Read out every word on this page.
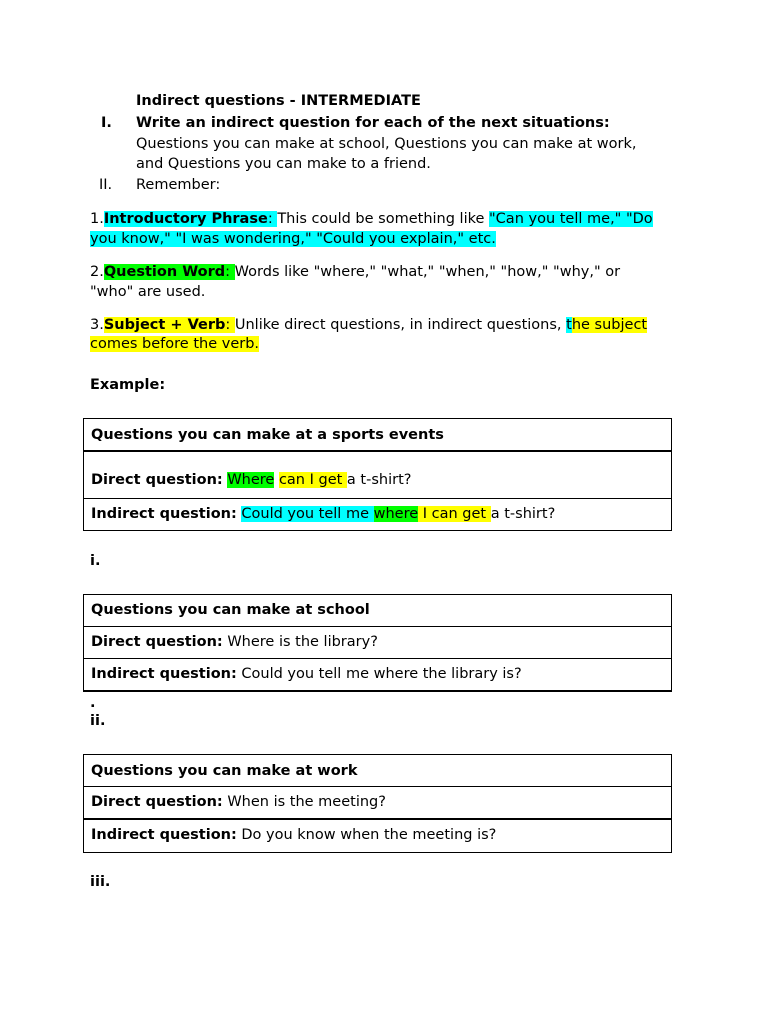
Indirect questions - INTERMEDIATE
I. Write an indirect question for each of the next situations:
Questions you can make at school, Questions you can make at work,
and Questions you can make to a friend.
II. Remember:
1.Introductory Phrase: This could be something like "Can you tell me," "Do
you know," "I was wondering," "Could you explain," etc.
2.Question Word: Words like "where," "what," "when," "how," "why," or
"who" are used.
3.Subject + Verb: Unlike direct questions, in indirect questions, the subject
comes before the verb.
Example:
Questions you can make at a sports events
Direct question: Where can I get a t-shirt?
Indirect question: Could you tell me where I can get a t-shirt?
i.
Questions you can make at school
Direct question: Where is the library?
Indirect question: Could you tell me where the library is?
.
ii.
Questions you can make at work
Direct question: When is the meeting?
Indirect question: Do you know when the meeting is?
iii.
